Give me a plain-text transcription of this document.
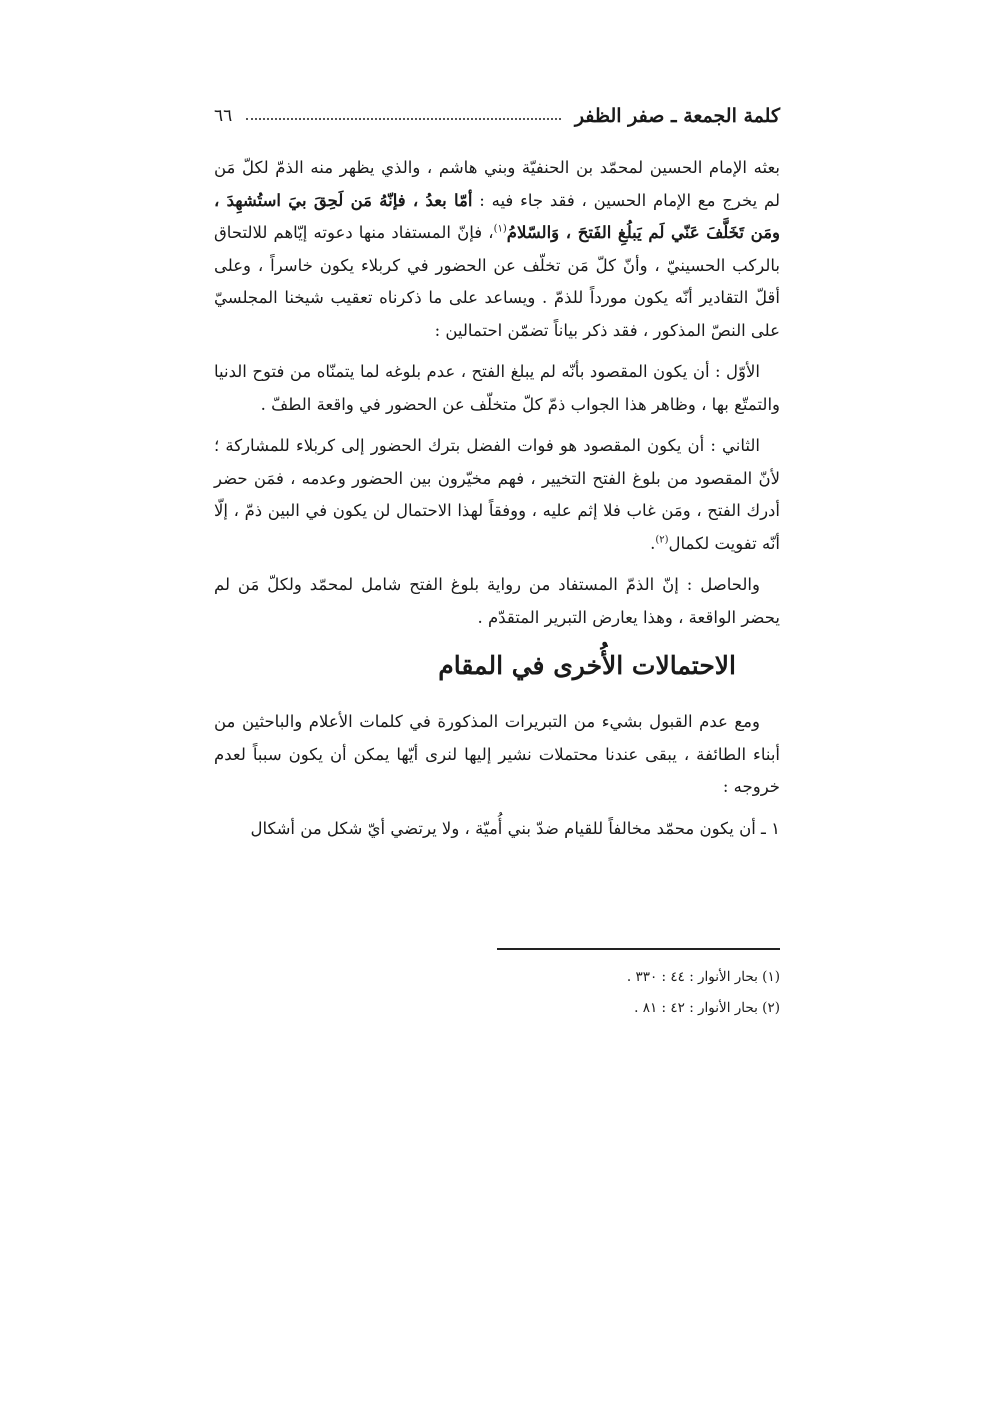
كلمة الجمعة ـ صفر الظفر
٦٦

بعثه الإمام الحسين لمحمّد بن الحنفيّة وبني هاشم ، والذي يظهر منه الذمّ لكلّ مَن لم يخرج مع الإمام الحسين ، فقد جاء فيه : أمّا بعدُ ، فإنّهُ مَن لَحِقَ بيَ استُشهِدَ ، ومَن تَخَلَّفَ عَنّي لَم يَبلُغِ الفَتحَ ، وَالسّلامُ$^{(١)}$، فإنّ المستفاد منها دعوته إيّاهم للالتحاق بالركب الحسينيّ ، وأنّ كلّ مَن تخلّف عن الحضور في كربلاء يكون خاسراً ، وعلى أقلّ التقادير أنّه يكون مورداً للذمّ . ويساعد على ما ذكرناه تعقيب شيخنا المجلسيّ على النصّ المذكور ، فقد ذكر بياناً تضمّن احتمالين :

الأوّل : أن يكون المقصود بأنّه لم يبلغ الفتح ، عدم بلوغه لما يتمنّاه من فتوح الدنيا والتمتّع بها ، وظاهر هذا الجواب ذمّ كلّ متخلّف عن الحضور في واقعة الطفّ .

الثاني : أن يكون المقصود هو فوات الفضل بترك الحضور إلى كربلاء للمشاركة ؛ لأنّ المقصود من بلوغ الفتح التخيير ، فهم مخيّرون بين الحضور وعدمه ، فمَن حضر أدرك الفتح ، ومَن غاب فلا إثم عليه ، ووفقاً لهذا الاحتمال لن يكون في البين ذمّ ، إلّا أنّه تفويت لكمال$^{(٢)}$.

والحاصل : إنّ الذمّ المستفاد من رواية بلوغ الفتح شامل لمحمّد ولكلّ مَن لم يحضر الواقعة ، وهذا يعارض التبرير المتقدّم .

الاحتمالات الأُخرى في المقام

ومع عدم القبول بشيء من التبريرات المذكورة في كلمات الأعلام والباحثين من أبناء الطائفة ، يبقى عندنا محتملات نشير إليها لنرى أيّها يمكن أن يكون سبباً لعدم خروجه :

١ ـ أن يكون محمّد مخالفاً للقيام ضدّ بني أُميّة ، ولا يرتضي أيّ شكل من أشكال

(١) بحار الأنوار : ٤٤ : ٣٣٠ .
(٢) بحار الأنوار : ٤٢ : ٨١ .
